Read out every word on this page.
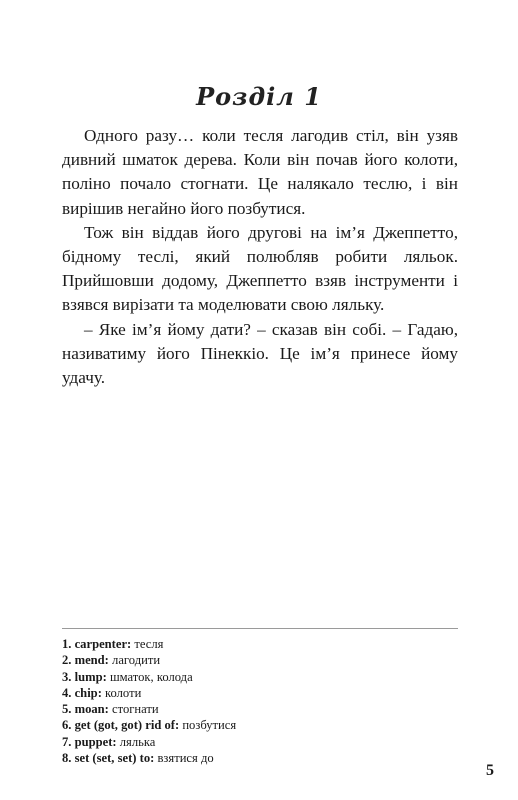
Розділ 1

Одного разу… коли тесля лагодив стіл, він узяв дивний шматок дерева. Коли він почав його колоти, поліно почало стогнати. Це налякало теслю, і він вирішив негайно його позбутися.

Тож він віддав його другові на ім’я Джеппетто, бідному теслі, який полюбляв робити ляльок. Прийшовши додому, Джеппетто взяв інструменти і взявся вирізати та моделювати свою ляльку.

– Яке ім’я йому дати? – сказав він собі. – Гадаю, називатиму його Пінеккіо. Це ім’я принесе йому удачу.

1. carpenter: тесля
2. mend: лагодити
3. lump: шматок, колода
4. chip: колоти
5. moan: стогнати
6. get (got, got) rid of: позбутися
7. puppet: лялька
8. set (set, set) to: взятися до
5
